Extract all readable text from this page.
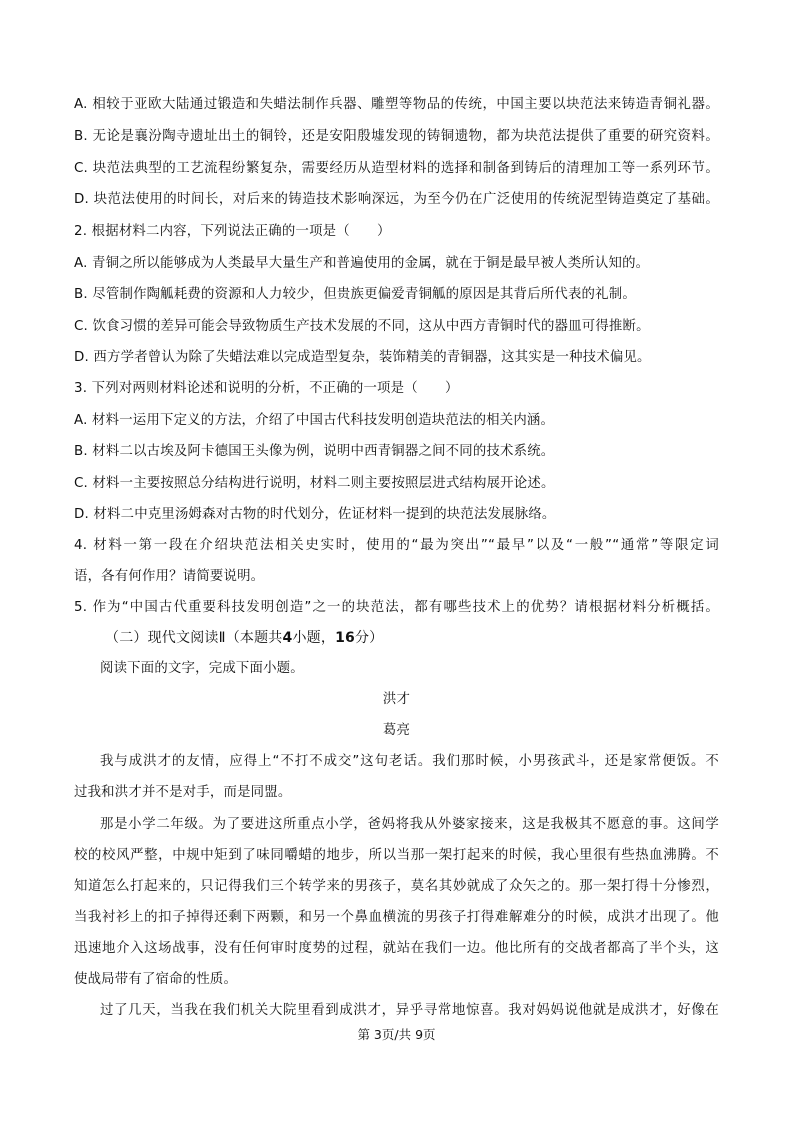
A. 相较于亚欧大陆通过锻造和失蜡法制作兵器、雕塑等物品的传统，中国主要以块范法来铸造青铜礼器。
B. 无论是襄汾陶寺遗址出土的铜铃，还是安阳殷墟发现的铸铜遗物，都为块范法提供了重要的研究资料。
C. 块范法典型的工艺流程纷繁复杂，需要经历从造型材料的选择和制备到铸后的清理加工等一系列环节。
D. 块范法使用的时间长，对后来的铸造技术影响深远，为至今仍在广泛使用的传统泥型铸造奠定了基础。
2. 根据材料二内容，下列说法正确的一项是（　　）
A. 青铜之所以能够成为人类最早大量生产和普遍使用的金属，就在于铜是最早被人类所认知的。
B. 尽管制作陶觚耗费的资源和人力较少，但贵族更偏爱青铜觚的原因是其背后所代表的礼制。
C. 饮食习惯的差异可能会导致物质生产技术发展的不同，这从中西方青铜时代的器皿可得推断。
D. 西方学者曾认为除了失蜡法难以完成造型复杂，装饰精美的青铜器，这其实是一种技术偏见。
3. 下列对两则材料论述和说明的分析，不正确的一项是（　　）
A. 材料一运用下定义的方法，介绍了中国古代科技发明创造块范法的相关内涵。
B. 材料二以古埃及阿卡德国王头像为例，说明中西青铜器之间不同的技术系统。
C. 材料一主要按照总分结构进行说明，材料二则主要按照层进式结构展开论述。
D. 材料二中克里汤姆森对古物的时代划分，佐证材料一提到的块范法发展脉络。
4. 材料一第一段在介绍块范法相关史实时，使用的“最为突出”“最早”以及“一般”“通常”等限定词
语，各有何作用？请简要说明。
5. 作为“中国古代重要科技发明创造”之一的块范法，都有哪些技术上的优势？请根据材料分析概括。
（二）现代文阅读Ⅱ（本题共4小题，16分）
阅读下面的文字，完成下面小题。
洪才
葛亮
我与成洪才的友情，应得上“不打不成交”这句老话。我们那时候，小男孩武斗，还是家常便饭。不
过我和洪才并不是对手，而是同盟。
那是小学二年级。为了要进这所重点小学，爸妈将我从外婆家接来，这是我极其不愿意的事。这间学
校的校风严整，中规中矩到了味同嚼蜡的地步，所以当那一架打起来的时候，我心里很有些热血沸腾。不
知道怎么打起来的，只记得我们三个转学来的男孩子，莫名其妙就成了众矢之的。那一架打得十分惨烈，
当我衬衫上的扣子掉得还剩下两颗，和另一个鼻血横流的男孩子打得难解难分的时候，成洪才出现了。他
迅速地介入这场战事，没有任何审时度势的过程，就站在我们一边。他比所有的交战者都高了半个头，这
使战局带有了宿命的性质。
过了几天，当我在我们机关大院里看到成洪才，异乎寻常地惊喜。我对妈妈说他就是成洪才，好像在
第 3页/共 9页
